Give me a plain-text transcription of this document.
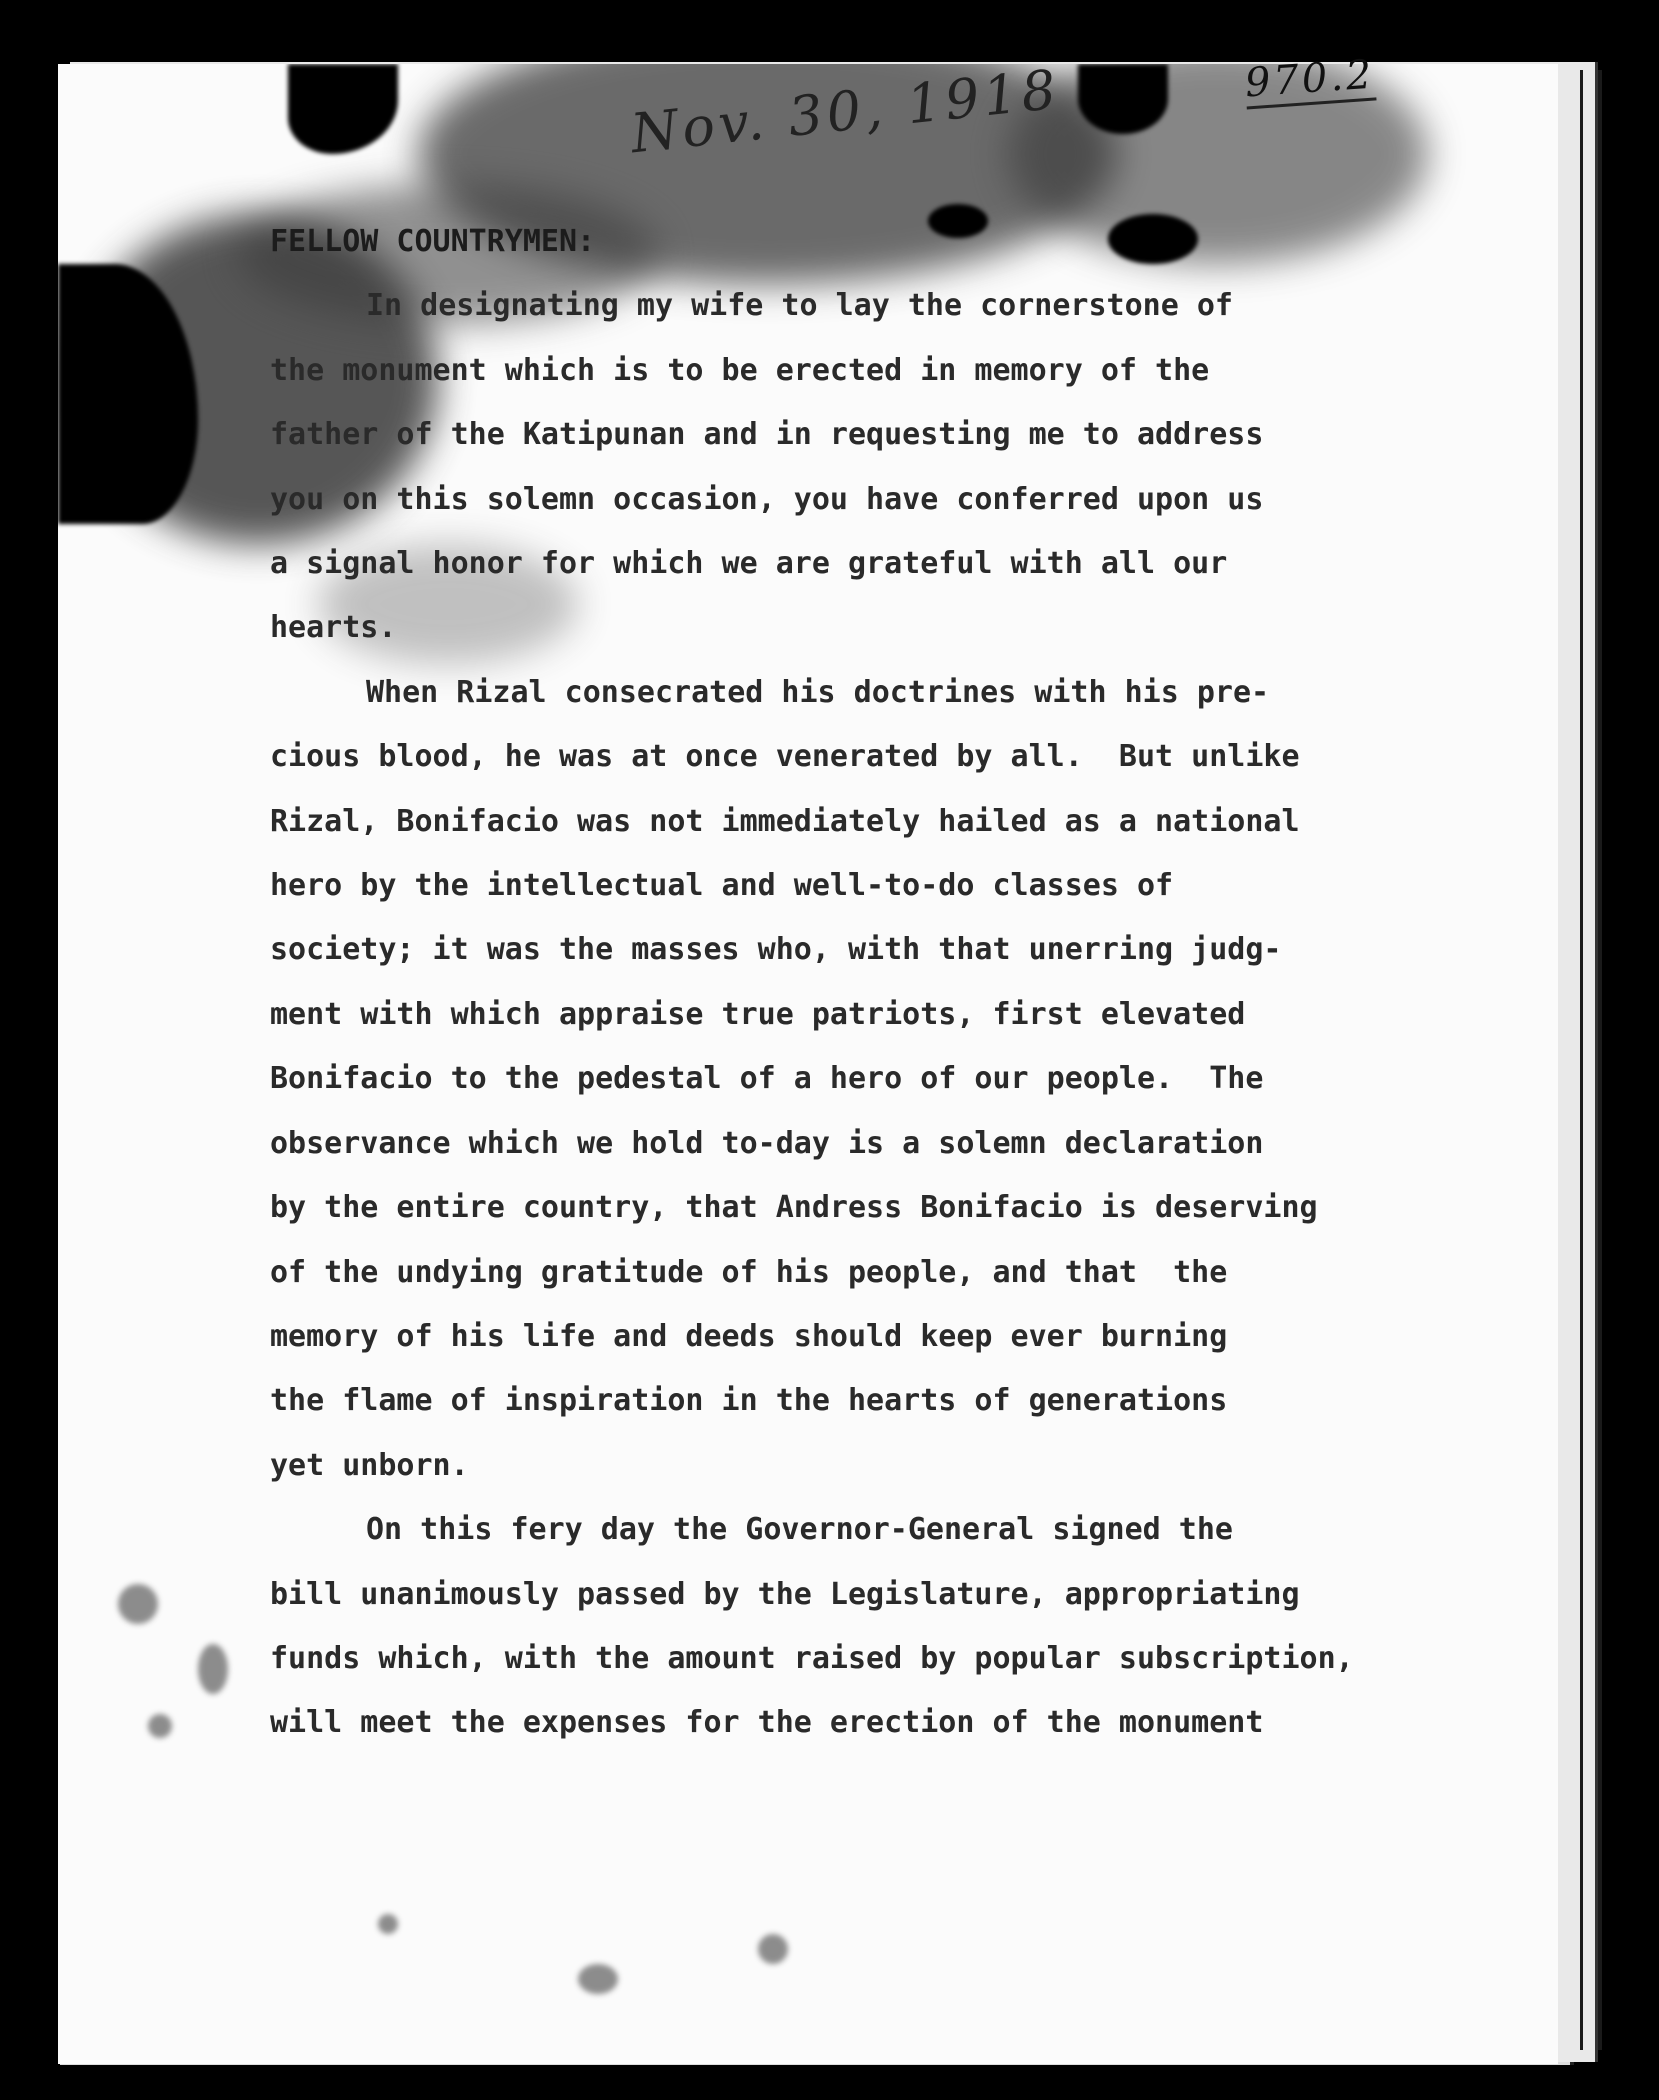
Nov. 30, 1918	970.2
FELLOW COUNTRYMEN:
In designating my wife to lay the cornerstone of
the monument which is to be erected in memory of the
father of the Katipunan and in requesting me to address
you on this solemn occasion, you have conferred upon us
a signal honor for which we are grateful with all our
hearts.
When Rizal consecrated his doctrines with his pre-
cious blood, he was at once venerated by all.  But unlike
Rizal, Bonifacio was not immediately hailed as a national
hero by the intellectual and well-to-do classes of
society; it was the masses who, with that unerring judg-
ment with which appraise true patriots, first elevated
Bonifacio to the pedestal of a hero of our people.  The
observance which we hold to-day is a solemn declaration
by the entire country, that Andress Bonifacio is deserving
of the undying gratitude of his people, and that  the
memory of his life and deeds should keep ever burning
the flame of inspiration in the hearts of generations
yet unborn.
On this fery day the Governor-General signed the
bill unanimously passed by the Legislature, appropriating
funds which, with the amount raised by popular subscription,
will meet the expenses for the erection of the monument
